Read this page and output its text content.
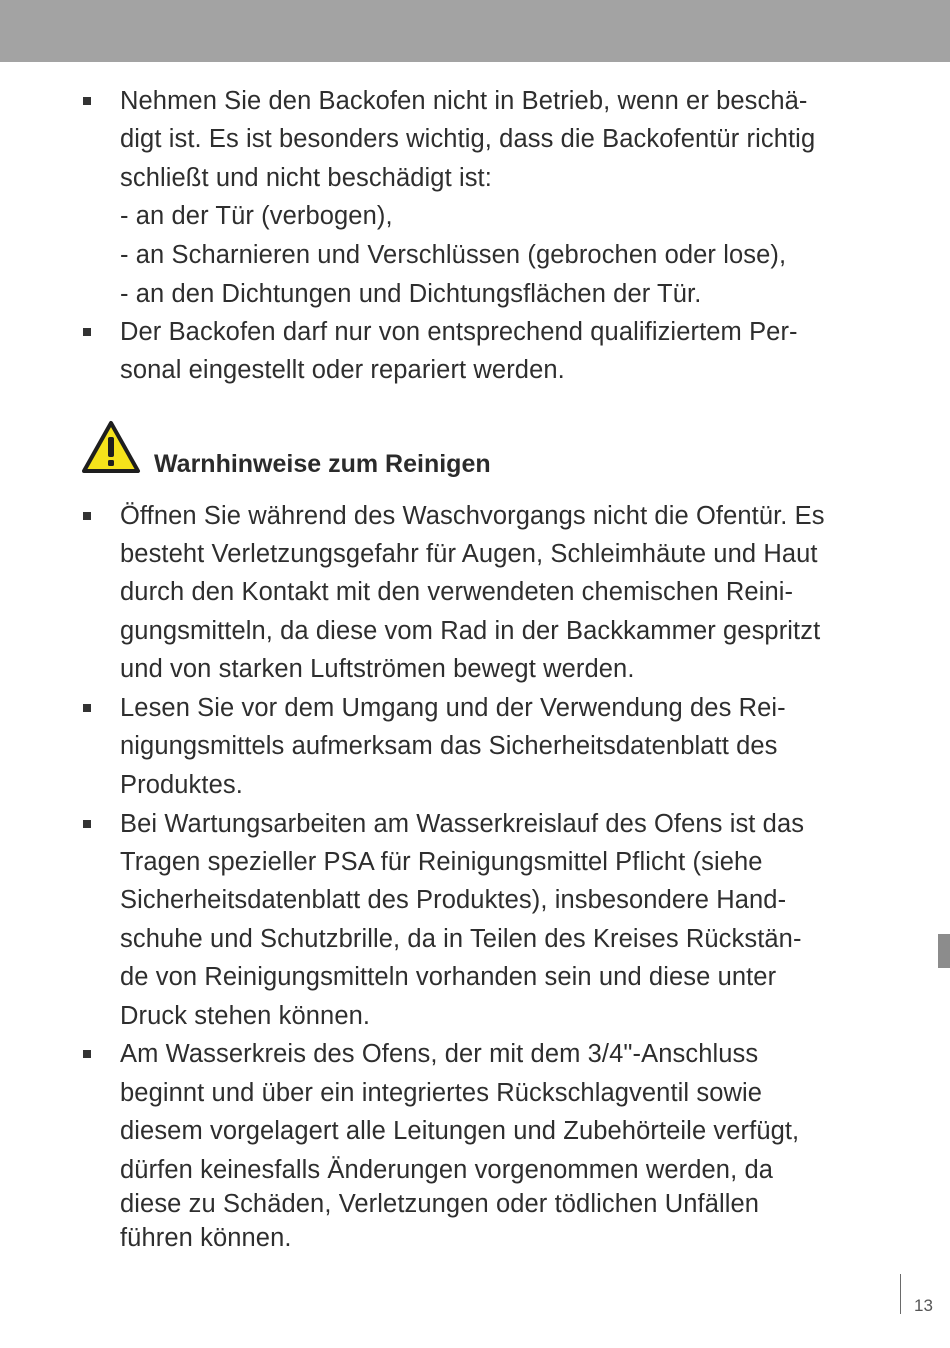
Nehmen Sie den Backofen nicht in Betrieb, wenn er beschä-
digt ist. Es ist besonders wichtig, dass die Backofentür richtig
schließt und nicht beschädigt ist:
- an der Tür (verbogen),
- an Scharnieren und Verschlüssen (gebrochen oder lose),
- an den Dichtungen und Dichtungsflächen der Tür.
Der Backofen darf nur von entsprechend qualifiziertem Per-
sonal eingestellt oder repariert werden.
Warnhinweise zum Reinigen
Öffnen Sie während des Waschvorgangs nicht die Ofentür. Es
besteht Verletzungsgefahr für Augen, Schleimhäute und Haut
durch den Kontakt mit den verwendeten chemischen Reini-
gungsmitteln, da diese vom Rad in der Backkammer gespritzt
und von starken Luftströmen bewegt werden.
Lesen Sie vor dem Umgang und der Verwendung des Rei-
nigungsmittels aufmerksam das Sicherheitsdatenblatt des
Produktes.
Bei Wartungsarbeiten am Wasserkreislauf des Ofens ist das
Tragen spezieller PSA für Reinigungsmittel Pflicht (siehe
Sicherheitsdatenblatt des Produktes), insbesondere Hand-
schuhe und Schutzbrille, da in Teilen des Kreises Rückstän-
de von Reinigungsmitteln vorhanden sein und diese unter
Druck stehen können.
Am Wasserkreis des Ofens, der mit dem 3/4"-Anschluss
beginnt und über ein integriertes Rückschlagventil sowie
diesem vorgelagert alle Leitungen und Zubehörteile verfügt,
dürfen keinesfalls Änderungen vorgenommen werden, da
diese zu Schäden, Verletzungen oder tödlichen Unfällen
führen können.
13
